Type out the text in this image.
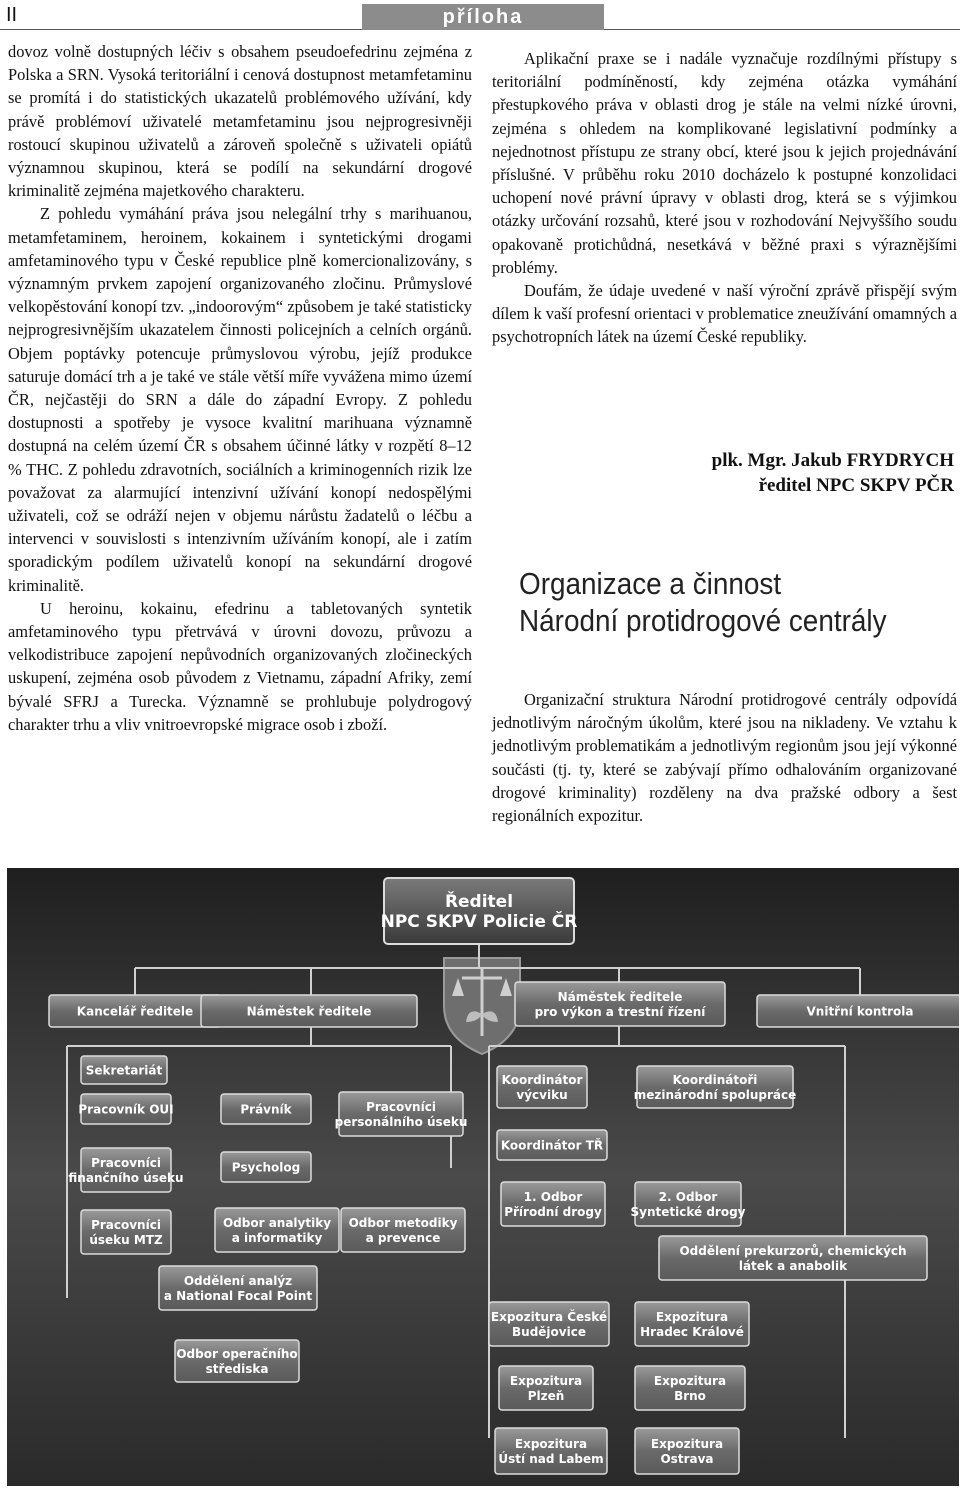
II	příloha

dovoz volně dostupných léčiv s obsahem pseudoefedrinu zejména z Polska a SRN. Vysoká teritoriální i cenová dostupnost metamfetaminu se promítá i do statistických ukazatelů problémového užívání, kdy právě problémoví uživatelé metamfetaminu jsou nejprogresivněji rostoucí skupinou uživatelů a zároveň společně s uživateli opiátů významnou skupinou, která se podílí na sekundární drogové kriminalitě zejména majetkového charakteru.

Z pohledu vymáhání práva jsou nelegální trhy s marihuanou, metamfetaminem, heroinem, kokainem i syntetickými drogami amfetaminového typu v České republice plně komercionalizovány, s významným prvkem zapojení organizovaného zločinu. Průmyslové velkopěstování konopí tzv. „indoorovým“ způsobem je také statisticky nejprogresivnějším ukazatelem činnosti policejních a celních orgánů. Objem poptávky potencuje průmyslovou výrobu, jejíž produkce saturuje domácí trh a je také ve stále větší míře vyvážena mimo území ČR, nejčastěji do SRN a dále do západní Evropy. Z pohledu dostupnosti a spotřeby je vysoce kvalitní marihuana významně dostupná na celém území ČR s obsahem účinné látky v rozpětí 8–12 % THC. Z pohledu zdravotních, sociálních a kriminogenních rizik lze považovat za alarmující intenzivní užívání konopí nedospělými uživateli, což se odráží nejen v objemu nárůstu žadatelů o léčbu a intervenci v souvislosti s intenzivním užíváním konopí, ale i zatím sporadickým podílem uživatelů konopí na sekundární drogové kriminalitě.

U heroinu, kokainu, efedrinu a tabletovaných syntetik amfetaminového typu přetrvává v úrovni dovozu, průvozu a velkodistribuce zapojení nepůvodních organizovaných zločineckých uskupení, zejména osob původem z Vietnamu, západní Afriky, zemí bývalé SFRJ a Turecka. Významně se prohlubuje polydrogový charakter trhu a vliv vnitroevropské migrace osob i zboží.

Aplikační praxe se i nadále vyznačuje rozdílnými přístupy s teritoriální podmíněností, kdy zejména otázka vymáhání přestupkového práva v oblasti drog je stále na velmi nízké úrovni, zejména s ohledem na komplikované legislativní podmínky a nejednotnost přístupu ze strany obcí, které jsou k jejich projednávání příslušné. V průběhu roku 2010 docházelo k postupné konzolidaci uchopení nové právní úpravy v oblasti drog, která se s výjimkou otázky určování rozsahů, které jsou v rozhodování Nejvyššího soudu opakovaně protichůdná, nesetkává v běžné praxi s výraznějšími problémy.

Doufám, že údaje uvedené v naší výroční zprávě přispějí svým dílem k vaší profesní orientaci v problematice zneužívání omamných a psychotropních látek na území České republiky.

plk. Mgr. Jakub FRYDRYCH
ředitel NPC SKPV PČR
Organizace a činnost
Národní protidrogové centrály

Organizační struktura Národní protidrogové centrály odpovídá jednotlivým náročným úkolům, které jsou na nikladeny. Ve vztahu k jednotlivým problematikám a jednotlivým regionům jsou její výkonné součásti (tj. ty, které se zabývají přímo odhalováním organizované drogové kriminality) rozděleny na dva pražské odbory a šest regionálních expozitur.

Ředitel
NPC SKPV Policie ČR
Kancelář ředitele	Náměstek ředitele
Náměstek ředitele
pro výkon a trestní řízení	Vnitřní kontrola
Sekretariát
Pracovník OUI	Právník	Pracovníci
personálního úseku
Pracovníci
finančního úseku
Psycholog
Pracovníci
úseku MTZ
Odbor analytiky
a informatiky
Odbor metodiky
a prevence
Oddělení analýz
a National Focal Point
Odbor operačního
střediska
Koordinátor
výcviku
Koordinátoři
mezinárodní spolupráce
Koordinátor TŘ
1. Odbor
Přírodní drogy
2. Odbor
Syntetické drogy
Oddělení prekurzorů, chemických
látek a anabolik
Expozitura České
Budějovice
Expozitura
Hradec Králové
Expozitura
Plzeň
Expozitura
Brno
Expozitura
Ústí nad Labem
Expozitura
Ostrava
